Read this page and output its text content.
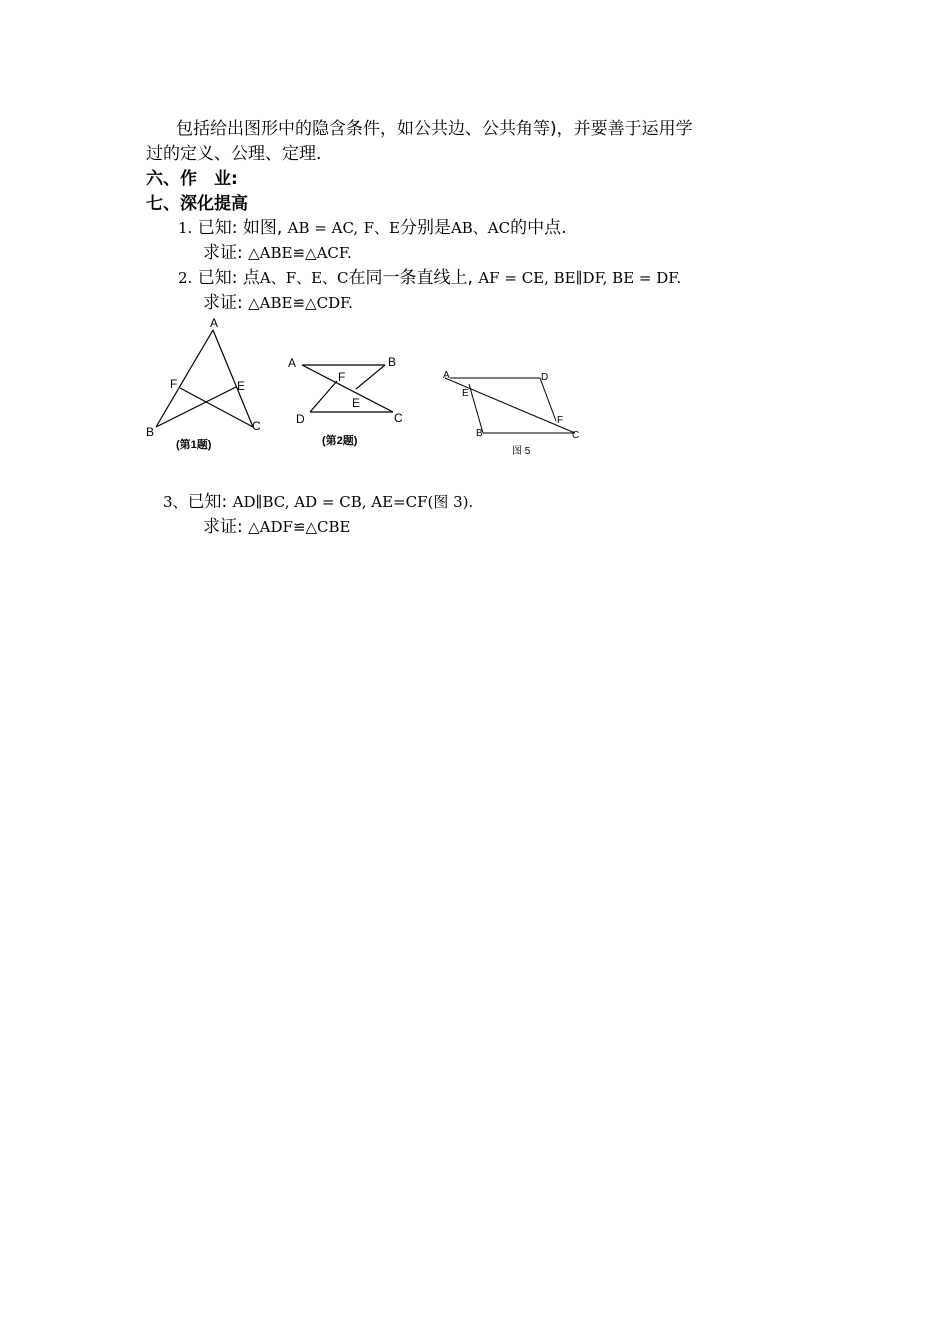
包括给出图形中的隐含条件，如公共边、公共角等)，并要善于运用学
过的定义、公理、定理.
六、作　业:
七、深化提高
1. 已知: 如图, AB = AC, F、E分别是AB、AC的中点.
求证: △ABE≌△ACF.
2. 已知: 点A、F、E、C在同一条直线上, AF = CE, BE∥DF, BE = DF.
求证: △ABE≌△CDF.
A
B	C
E
F
(第1题)
A	B
C
D
E
F
(第2题)
A	D
E
F
B	C
图 5
3、已知: AD∥BC, AD = CB, AE=CF(图 3).
求证: △ADF≌△CBE
